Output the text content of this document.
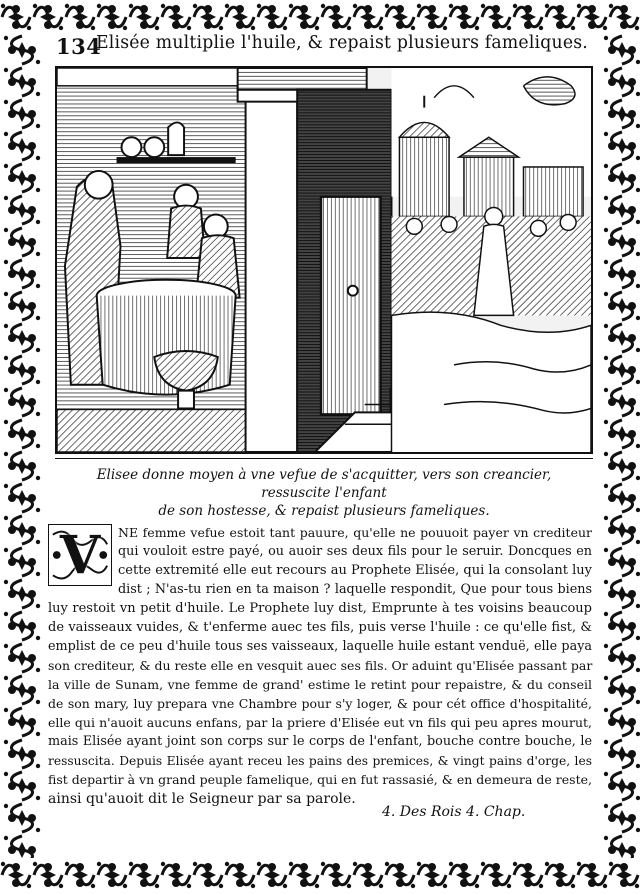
134
Elisée multiplie l'huile, & repaist plusieurs fameliques.
Elisee donne moyen à vne vefue de s'acquitter, vers son creancier, ressuscite l'enfant
de son hostesse, & repaist plusieurs fameliques.
V	NE femme vefue estoit tant pauure, qu'elle ne pouuoit payer vn crediteur
qui vouloit estre payé, ou auoir ses deux fils pour le seruir. Doncques en
cette extremité elle eut recours au Prophete Elisée, qui la consolant luy
dist ; N'as-tu rien en ta maison ? laquelle respondit, Que pour tous biens
luy restoit vn petit d'huile. Le Prophete luy dist, Emprunte à tes voisins beaucoup
de vaisseaux vuides, & t'enferme auec tes fils, puis verse l'huile : ce qu'elle fist, &
emplist de ce peu d'huile tous ses vaisseaux, laquelle huile estant venduë, elle paya
son crediteur, & du reste elle en vesquit auec ses fils. Or aduint qu'Elisée passant par
la ville de Sunam, vne femme de grand' estime le retint pour repaistre, & du conseil
de son mary, luy prepara vne Chambre pour s'y loger, & pour cét office d'hospitalité,
elle qui n'auoit aucuns enfans, par la priere d'Elisée eut vn fils qui peu apres mourut,
mais Elisée ayant joint son corps sur le corps de l'enfant, bouche contre bouche, le
ressuscita. Depuis Elisée ayant receu les pains des premices, & vingt pains d'orge, les
fist departir à vn grand peuple famelique, qui en fut rassasié, & en demeura de reste,
ainsi qu'auoit dit le Seigneur par sa parole.
4. Des Rois 4. Chap.
